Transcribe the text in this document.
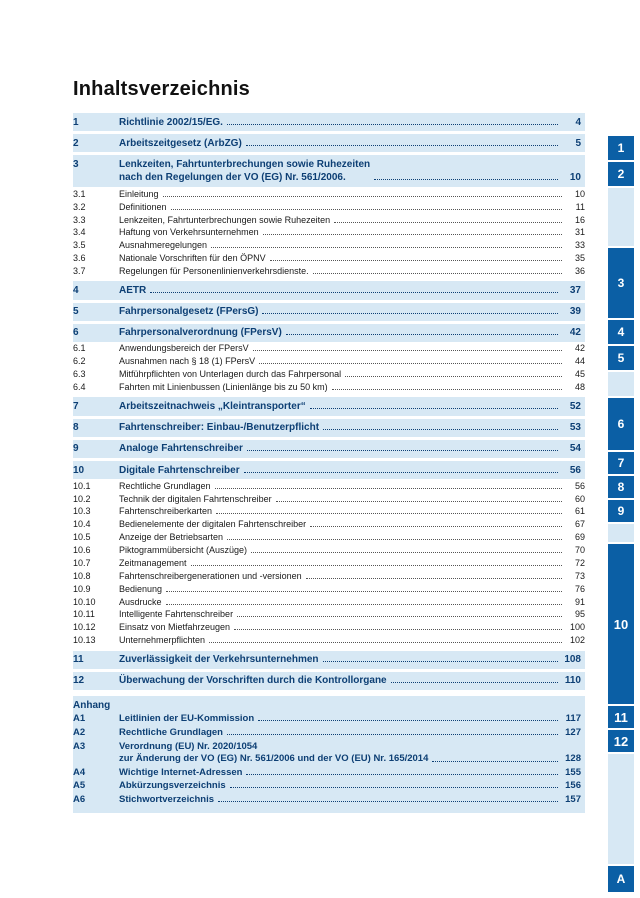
Inhaltsverzeichnis
1	Richtlinie 2002/15/EG.	4
2	Arbeitszeitgesetz (ArbZG)	5
3	Lenkzeiten, Fahrtunterbrechungen sowie Ruhezeiten
nach den Regelungen der VO (EG) Nr. 561/2006.	10
3.1	Einleitung	10
3.2	Definitionen	11
3.3	Lenkzeiten, Fahrtunterbrechungen sowie Ruhezeiten	16
3.4	Haftung von Verkehrsunternehmen	31
3.5	Ausnahmeregelungen	33
3.6	Nationale Vorschriften für den ÖPNV	35
3.7	Regelungen für Personenlinienverkehrsdienste.	36
4	AETR	37
5	Fahrpersonalgesetz (FPersG)	39
6	Fahrpersonalverordnung (FPersV)	42
6.1	Anwendungsbereich der FPersV	42
6.2	Ausnahmen nach § 18 (1) FPersV	44
6.3	Mitführpflichten von Unterlagen durch das Fahrpersonal	45
6.4	Fahrten mit Linienbussen (Linienlänge bis zu 50 km)	48
7	Arbeitszeitnachweis „Kleintransporter“	52
8	Fahrtenschreiber: Einbau-/Benutzerpflicht	53
9	Analoge Fahrtenschreiber	54
10	Digitale Fahrtenschreiber	56
10.1	Rechtliche Grundlagen	56
10.2	Technik der digitalen Fahrtenschreiber	60
10.3	Fahrtenschreiberkarten	61
10.4	Bedienelemente der digitalen Fahrtenschreiber	67
10.5	Anzeige der Betriebsarten	69
10.6	Piktogrammübersicht (Auszüge)	70
10.7	Zeitmanagement	72
10.8	Fahrtenschreibergenerationen und -versionen	73
10.9	Bedienung	76
10.10	Ausdrucke	91
10.11	Intelligente Fahrtenschreiber	95
10.12	Einsatz von Mietfahrzeugen	100
10.13	Unternehmerpflichten	102
11	Zuverlässigkeit der Verkehrsunternehmen	108
12	Überwachung der Vorschriften durch die Kontrollorgane	110
Anhang
A1	Leitlinien der EU-Kommission	117
A2	Rechtliche Grundlagen	127
A3	Verordnung (EU) Nr. 2020/1054
zur Änderung der VO (EG) Nr. 561/2006 und der VO (EU) Nr. 165/2014	128
A4	Wichtige Internet-Adressen	155
A5	Abkürzungsverzeichnis	156
A6	Stichwortverzeichnis	157
1
2
3
4
5
6
7
8
9
10
11
12
A
